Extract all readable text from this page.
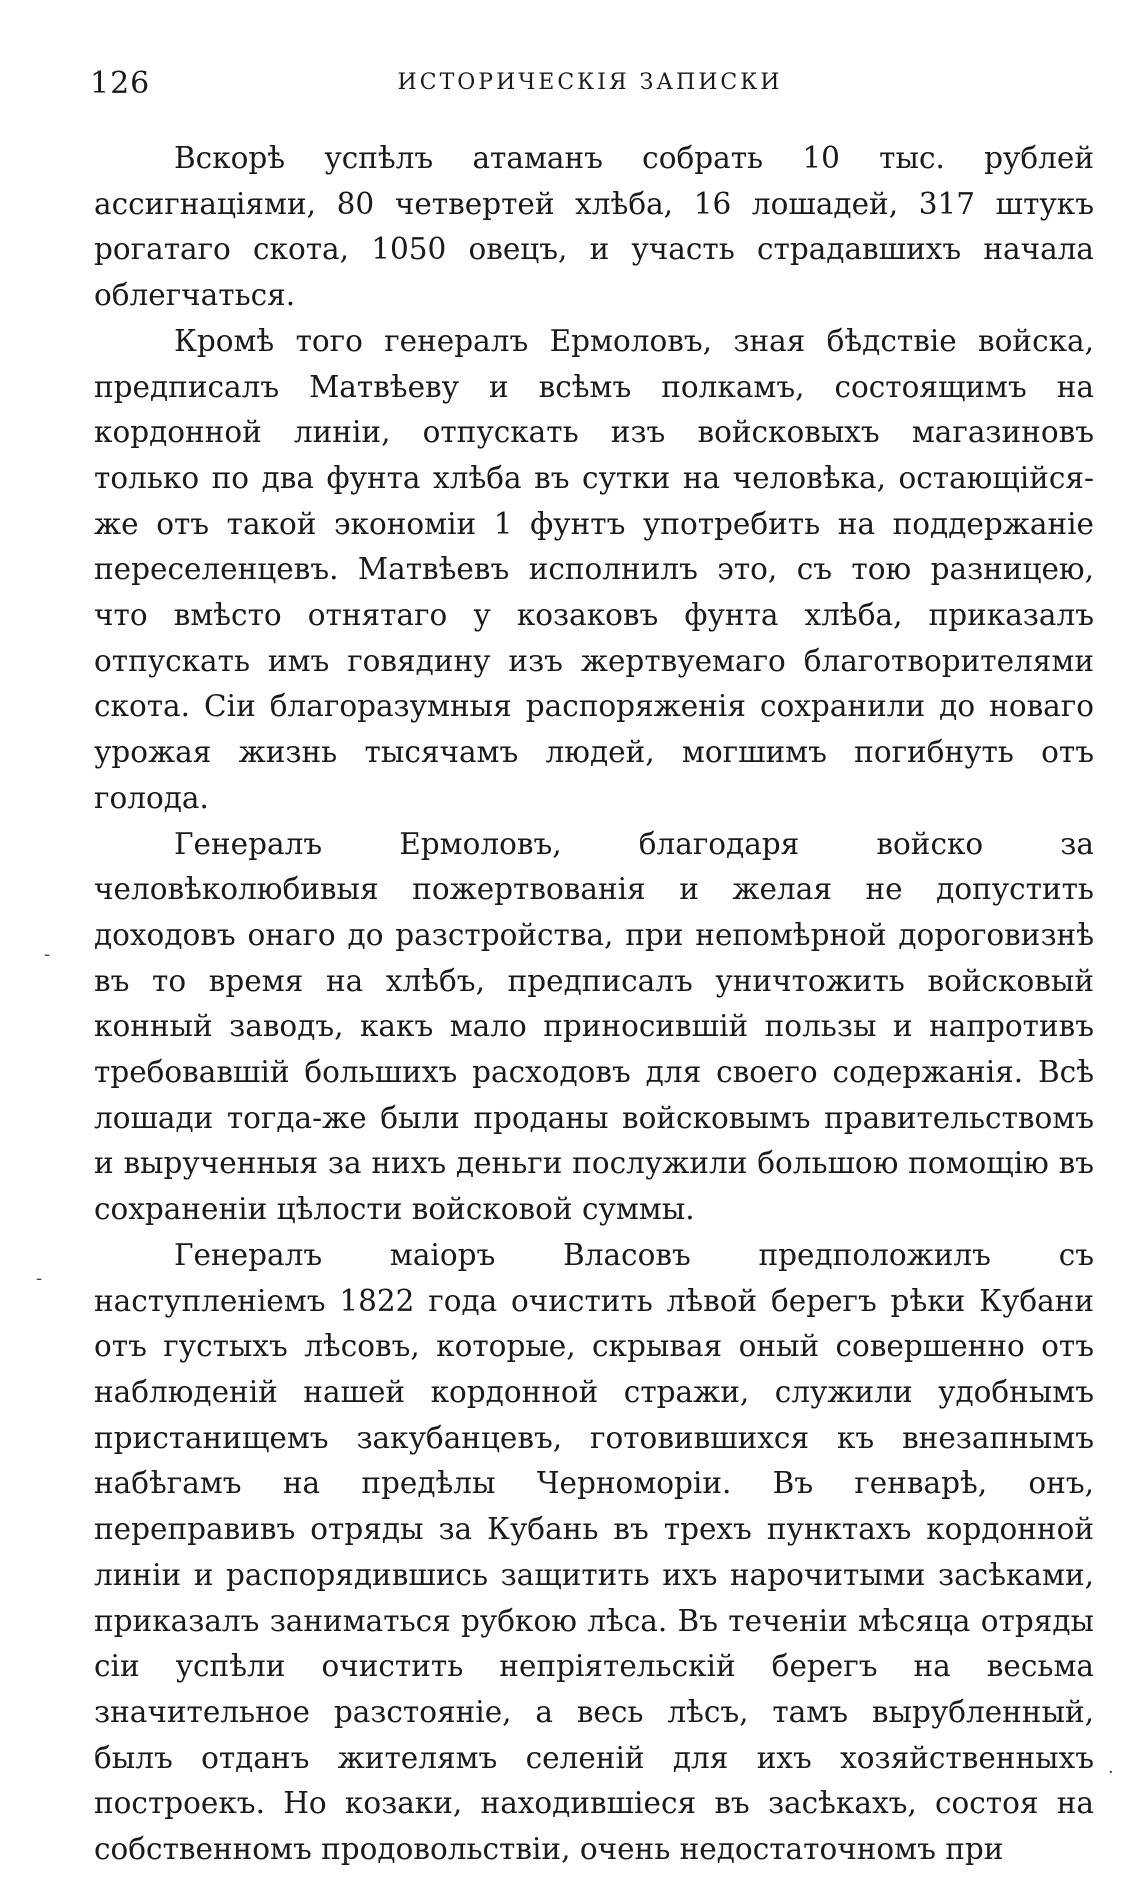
126	ИСТОРИЧЕСКІЯ ЗАПИСКИ

Вскорѣ успѣлъ атаманъ собрать 10 тыс. рублей ассигнаціями, 80 четвертей хлѣба, 16 лошадей, 317 штукъ рогатаго скота, 1050 овецъ, и участь страдавшихъ начала облегчаться.

Кромѣ того генералъ Ермоловъ, зная бѣдствіе войска, предписалъ Матвѣеву и всѣмъ полкамъ, состоящимъ на кордонной линіи, отпускать изъ войсковыхъ магазиновъ только по два фунта хлѣба въ сутки на человѣка, остающійся-же отъ такой экономіи 1 фунтъ употребить на поддержаніе переселенцевъ. Матвѣевъ исполнилъ это, съ тою разницею, что вмѣсто отнятаго у козаковъ фунта хлѣба, приказалъ отпускать имъ говядину изъ жертвуемаго благотворителями скота. Сіи благоразумныя распоряженія сохранили до новаго урожая жизнь тысячамъ людей, могшимъ погибнуть отъ голода.

Генералъ Ермоловъ, благодаря войско за человѣколюбивыя пожертвованія и желая не допустить доходовъ онаго до разстройства, при непомѣрной дороговизнѣ въ то время на хлѣбъ, предписалъ уничтожить войсковый конный заводъ, какъ мало приносившій пользы и напротивъ требовавшій большихъ расходовъ для своего содержанія. Всѣ лошади тогда-же были проданы войсковымъ правительствомъ и вырученныя за нихъ деньги послужили большою помощію въ сохраненіи цѣлости войсковой суммы.

Генералъ маіоръ Власовъ предположилъ съ наступленіемъ 1822 года очистить лѣвой берегъ рѣки Кубани отъ густыхъ лѣсовъ, которые, скрывая оный совершенно отъ наблюденій нашей кордонной стражи, служили удобнымъ пристанищемъ закубанцевъ, готовившихся къ внезапнымъ набѣгамъ на предѣлы Черноморіи. Въ генварѣ, онъ, переправивъ отряды за Кубань въ трехъ пунктахъ кордонной линіи и распорядившись защитить ихъ нарочитыми засѣками, приказалъ заниматься рубкою лѣса. Въ теченіи мѣсяца отряды сіи успѣли очистить непріятельскій берегъ на весьма значительное разстояніе, а весь лѣсъ, тамъ вырубленный, былъ отданъ жителямъ селеній для ихъ хозяйственныхъ построекъ. Но козаки, находившіеся въ засѣкахъ, состоя на собственномъ продовольствіи, очень недостаточномъ при

-
-
·
